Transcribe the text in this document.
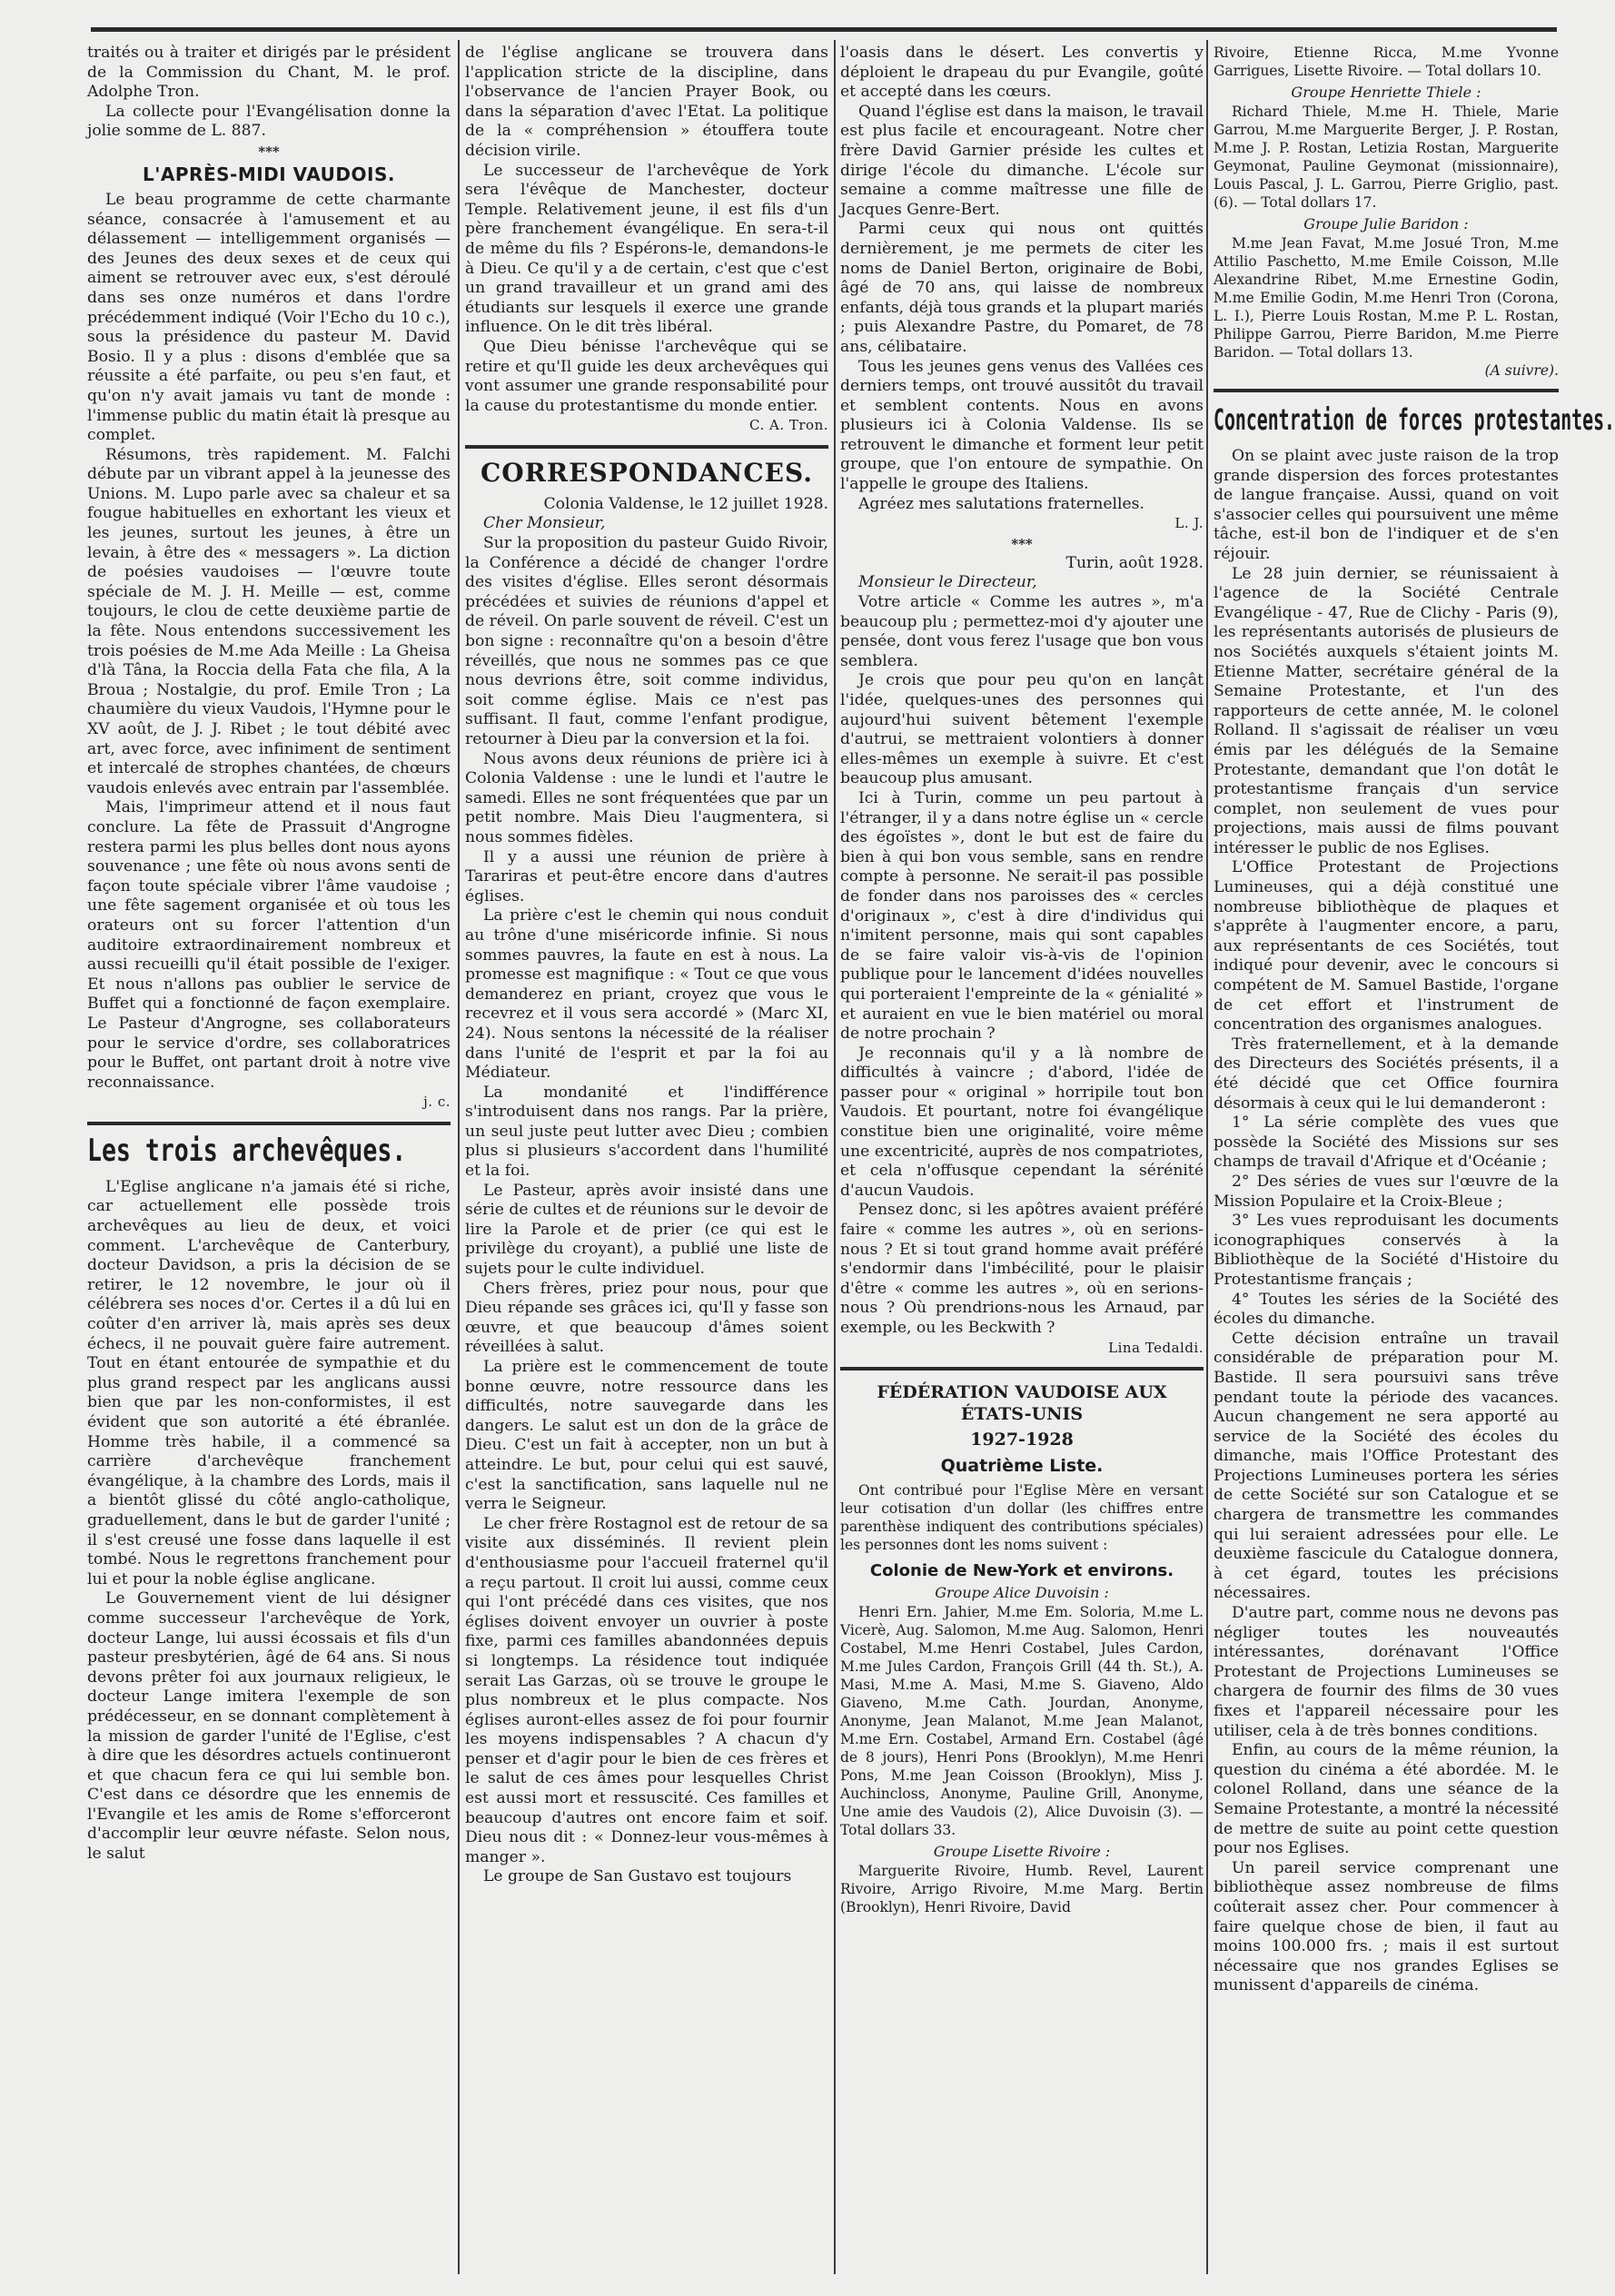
traités ou à traiter et dirigés par le président de la Commission du Chant, M. le prof. Adolphe Tron.

La collecte pour l'Evangélisation donne la jolie somme de L. 887.

***
L'APRÈS-MIDI VAUDOIS.

Le beau programme de cette charmante séance, consacrée à l'amusement et au délassement — intelligemment organisés — des Jeunes des deux sexes et de ceux qui aiment se retrouver avec eux, s'est déroulé dans ses onze numéros et dans l'ordre précédemment indiqué (Voir l'Echo du 10 c.), sous la présidence du pasteur M. David Bosio. Il y a plus : disons d'emblée que sa réussite a été parfaite, ou peu s'en faut, et qu'on n'y avait jamais vu tant de monde : l'immense public du matin était là presque au complet.

Résumons, très rapidement. M. Falchi débute par un vibrant appel à la jeunesse des Unions. M. Lupo parle avec sa chaleur et sa fougue habituelles en exhortant les vieux et les jeunes, surtout les jeunes, à être un levain, à être des « messagers ». La diction de poésies vaudoises — l'œuvre toute spéciale de M. J. H. Meille — est, comme toujours, le clou de cette deuxième partie de la fête. Nous entendons successivement les trois poésies de M.me Ada Meille : La Gheisa d'là Tâna, la Roccia della Fata che fila, A la Broua ; Nostalgie, du prof. Emile Tron ; La chaumière du vieux Vaudois, l'Hymne pour le XV août, de J. J. Ribet ; le tout débité avec art, avec force, avec infiniment de sentiment et intercalé de strophes chantées, de chœurs vaudois enlevés avec entrain par l'assemblée.

Mais, l'imprimeur attend et il nous faut conclure. La fête de Prassuit d'Angrogne restera parmi les plus belles dont nous ayons souvenance ; une fête où nous avons senti de façon toute spéciale vibrer l'âme vaudoise ; une fête sagement organisée et où tous les orateurs ont su forcer l'attention d'un auditoire extraordinairement nombreux et aussi recueilli qu'il était possible de l'exiger. Et nous n'allons pas oublier le service de Buffet qui a fonctionné de façon exemplaire. Le Pasteur d'Angrogne, ses collaborateurs pour le service d'ordre, ses collaboratrices pour le Buffet, ont partant droit à notre vive reconnaissance.

j. c.

Les trois archevêques.

L'Eglise anglicane n'a jamais été si riche, car actuellement elle possède trois archevêques au lieu de deux, et voici comment. L'archevêque de Canterbury, docteur Davidson, a pris la décision de se retirer, le 12 novembre, le jour où il célébrera ses noces d'or. Certes il a dû lui en coûter d'en arriver là, mais après ses deux échecs, il ne pouvait guère faire autrement. Tout en étant entourée de sympathie et du plus grand respect par les anglicans aussi bien que par les non-conformistes, il est évident que son autorité a été ébranlée. Homme très habile, il a commencé sa carrière d'archevêque franchement évangélique, à la chambre des Lords, mais il a bientôt glissé du côté anglo-catholique, graduellement, dans le but de garder l'unité ; il s'est creusé une fosse dans laquelle il est tombé. Nous le regrettons franchement pour lui et pour la noble église anglicane.

Le Gouvernement vient de lui désigner comme successeur l'archevêque de York, docteur Lange, lui aussi écossais et fils d'un pasteur presbytérien, âgé de 64 ans. Si nous devons prêter foi aux journaux religieux, le docteur Lange imitera l'exemple de son prédécesseur, en se donnant complètement à la mission de garder l'unité de l'Eglise, c'est à dire que les désordres actuels continueront et que chacun fera ce qui lui semble bon. C'est dans ce désordre que les ennemis de l'Evangile et les amis de Rome s'efforceront d'accomplir leur œuvre néfaste. Selon nous, le salut

de l'église anglicane se trouvera dans l'application stricte de la discipline, dans l'observance de l'ancien Prayer Book, ou dans la séparation d'avec l'Etat. La politique de la « compréhension » étouffera toute décision virile.

Le successeur de l'archevêque de York sera l'évêque de Manchester, docteur Temple. Relativement jeune, il est fils d'un père franchement évangélique. En sera-t-il de même du fils ? Espérons-le, demandons-le à Dieu. Ce qu'il y a de certain, c'est que c'est un grand travailleur et un grand ami des étudiants sur lesquels il exerce une grande influence. On le dit très libéral.

Que Dieu bénisse l'archevêque qui se retire et qu'Il guide les deux archevêques qui vont assumer une grande responsabilité pour la cause du protestantisme du monde entier.

C. A. Tron.

CORRESPONDANCES.

Colonia Valdense, le 12 juillet 1928.

Cher Monsieur,

Sur la proposition du pasteur Guido Rivoir, la Conférence a décidé de changer l'ordre des visites d'église. Elles seront désormais précédées et suivies de réunions d'appel et de réveil. On parle souvent de réveil. C'est un bon signe : reconnaître qu'on a besoin d'être réveillés, que nous ne sommes pas ce que nous devrions être, soit comme individus, soit comme église. Mais ce n'est pas suffisant. Il faut, comme l'enfant prodigue, retourner à Dieu par la conversion et la foi.

Nous avons deux réunions de prière ici à Colonia Valdense : une le lundi et l'autre le samedi. Elles ne sont fréquentées que par un petit nombre. Mais Dieu l'augmentera, si nous sommes fidèles.

Il y a aussi une réunion de prière à Tarariras et peut-être encore dans d'autres églises.

La prière c'est le chemin qui nous conduit au trône d'une miséricorde infinie. Si nous sommes pauvres, la faute en est à nous. La promesse est magnifique : « Tout ce que vous demanderez en priant, croyez que vous le recevrez et il vous sera accordé » (Marc XI, 24). Nous sentons la nécessité de la réaliser dans l'unité de l'esprit et par la foi au Médiateur.

La mondanité et l'indifférence s'introduisent dans nos rangs. Par la prière, un seul juste peut lutter avec Dieu ; combien plus si plusieurs s'accordent dans l'humilité et la foi.

Le Pasteur, après avoir insisté dans une série de cultes et de réunions sur le devoir de lire la Parole et de prier (ce qui est le privilège du croyant), a publié une liste de sujets pour le culte individuel.

Chers frères, priez pour nous, pour que Dieu répande ses grâces ici, qu'Il y fasse son œuvre, et que beaucoup d'âmes soient réveillées à salut.

La prière est le commencement de toute bonne œuvre, notre ressource dans les difficultés, notre sauvegarde dans les dangers. Le salut est un don de la grâce de Dieu. C'est un fait à accepter, non un but à atteindre. Le but, pour celui qui est sauvé, c'est la sanctification, sans laquelle nul ne verra le Seigneur.

Le cher frère Rostagnol est de retour de sa visite aux disséminés. Il revient plein d'enthousiasme pour l'accueil fraternel qu'il a reçu partout. Il croit lui aussi, comme ceux qui l'ont précédé dans ces visites, que nos églises doivent envoyer un ouvrier à poste fixe, parmi ces familles abandonnées depuis si longtemps. La résidence tout indiquée serait Las Garzas, où se trouve le groupe le plus nombreux et le plus compacte. Nos églises auront-elles assez de foi pour fournir les moyens indispensables ? A chacun d'y penser et d'agir pour le bien de ces frères et le salut de ces âmes pour lesquelles Christ est aussi mort et ressuscité. Ces familles et beaucoup d'autres ont encore faim et soif. Dieu nous dit : « Donnez-leur vous-mêmes à manger ».

Le groupe de San Gustavo est toujours

l'oasis dans le désert. Les convertis y déploient le drapeau du pur Evangile, goûté et accepté dans les cœurs.

Quand l'église est dans la maison, le travail est plus facile et encourageant. Notre cher frère David Garnier préside les cultes et dirige l'école du dimanche. L'école sur semaine a comme maîtresse une fille de Jacques Genre-Bert.

Parmi ceux qui nous ont quittés dernièrement, je me permets de citer les noms de Daniel Berton, originaire de Bobi, âgé de 70 ans, qui laisse de nombreux enfants, déjà tous grands et la plupart mariés ; puis Alexandre Pastre, du Pomaret, de 78 ans, célibataire.

Tous les jeunes gens venus des Vallées ces derniers temps, ont trouvé aussitôt du travail et semblent contents. Nous en avons plusieurs ici à Colonia Valdense. Ils se retrouvent le dimanche et forment leur petit groupe, que l'on entoure de sympathie. On l'appelle le groupe des Italiens.

Agréez mes salutations fraternelles.

L. J.

***

Turin, août 1928.

Monsieur le Directeur,

Votre article « Comme les autres », m'a beaucoup plu ; permettez-moi d'y ajouter une pensée, dont vous ferez l'usage que bon vous semblera.

Je crois que pour peu qu'on en lançât l'idée, quelques-unes des personnes qui aujourd'hui suivent bêtement l'exemple d'autrui, se mettraient volontiers à donner elles-mêmes un exemple à suivre. Et c'est beaucoup plus amusant.

Ici à Turin, comme un peu partout à l'étranger, il y a dans notre église un « cercle des égoïstes », dont le but est de faire du bien à qui bon vous semble, sans en rendre compte à personne. Ne serait-il pas possible de fonder dans nos paroisses des « cercles d'originaux », c'est à dire d'individus qui n'imitent personne, mais qui sont capables de se faire valoir vis-à-vis de l'opinion publique pour le lancement d'idées nouvelles qui porteraient l'empreinte de la « génialité » et auraient en vue le bien matériel ou moral de notre prochain ?

Je reconnais qu'il y a là nombre de difficultés à vaincre ; d'abord, l'idée de passer pour « original » horripile tout bon Vaudois. Et pourtant, notre foi évangélique constitue bien une originalité, voire même une excentricité, auprès de nos compatriotes, et cela n'offusque cependant la sérénité d'aucun Vaudois.

Pensez donc, si les apôtres avaient préféré faire « comme les autres », où en serions-nous ? Et si tout grand homme avait préféré s'endormir dans l'imbécilité, pour le plaisir d'être « comme les autres », où en serions-nous ? Où prendrions-nous les Arnaud, par exemple, ou les Beckwith ?

Lina Tedaldi.

FÉDÉRATION VAUDOISE AUX ÉTATS-UNIS
1927-1928
Quatrième Liste.

Ont contribué pour l'Eglise Mère en versant leur cotisation d'un dollar (les chiffres entre parenthèse indiquent des contributions spéciales) les personnes dont les noms suivent :

Colonie de New-York et environs.
Groupe Alice Duvoisin :

Henri Ern. Jahier, M.me Em. Soloria, M.me L. Vicerè, Aug. Salomon, M.me Aug. Salomon, Henri Costabel, M.me Henri Costabel, Jules Cardon, M.me Jules Cardon, François Grill (44 th. St.), A. Masi, M.me A. Masi, M.me S. Giaveno, Aldo Giaveno, M.me Cath. Jourdan, Anonyme, Anonyme, Jean Malanot, M.me Jean Malanot, M.me Ern. Costabel, Armand Ern. Costabel (âgé de 8 jours), Henri Pons (Brooklyn), M.me Henri Pons, M.me Jean Coisson (Brooklyn), Miss J. Auchincloss, Anonyme, Pauline Grill, Anonyme, Une amie des Vaudois (2), Alice Duvoisin (3). — Total dollars 33.

Groupe Lisette Rivoire :

Marguerite Rivoire, Humb. Revel, Laurent Rivoire, Arrigo Rivoire, M.me Marg. Bertin (Brooklyn), Henri Rivoire, David

Rivoire, Etienne Ricca, M.me Yvonne Garrigues, Lisette Rivoire. — Total dollars 10.

Groupe Henriette Thiele :

Richard Thiele, M.me H. Thiele, Marie Garrou, M.me Marguerite Berger, J. P. Rostan, M.me J. P. Rostan, Letizia Rostan, Marguerite Geymonat, Pauline Geymonat (missionnaire), Louis Pascal, J. L. Garrou, Pierre Griglio, past. (6). — Total dollars 17.

Groupe Julie Baridon :

M.me Jean Favat, M.me Josué Tron, M.me Attilio Paschetto, M.me Emile Coisson, M.lle Alexandrine Ribet, M.me Ernestine Godin, M.me Emilie Godin, M.me Henri Tron (Corona, L. I.), Pierre Louis Rostan, M.me P. L. Rostan, Philippe Garrou, Pierre Baridon, M.me Pierre Baridon. — Total dollars 13.

(A suivre).

Concentration de forces protestantes.

On se plaint avec juste raison de la trop grande dispersion des forces protestantes de langue française. Aussi, quand on voit s'associer celles qui poursuivent une même tâche, est-il bon de l'indiquer et de s'en réjouir.

Le 28 juin dernier, se réunissaient à l'agence de la Société Centrale Evangélique - 47, Rue de Clichy - Paris (9), les représentants autorisés de plusieurs de nos Sociétés auxquels s'étaient joints M. Etienne Matter, secrétaire général de la Semaine Protestante, et l'un des rapporteurs de cette année, M. le colonel Rolland. Il s'agissait de réaliser un vœu émis par les délégués de la Semaine Protestante, demandant que l'on dotât le protestantisme français d'un service complet, non seulement de vues pour projections, mais aussi de films pouvant intéresser le public de nos Eglises.

L'Office Protestant de Projections Lumineuses, qui a déjà constitué une nombreuse bibliothèque de plaques et s'apprête à l'augmenter encore, a paru, aux représentants de ces Sociétés, tout indiqué pour devenir, avec le concours si compétent de M. Samuel Bastide, l'organe de cet effort et l'instrument de concentration des organismes analogues.

Très fraternellement, et à la demande des Directeurs des Sociétés présents, il a été décidé que cet Office fournira désormais à ceux qui le lui demanderont :

1° La série complète des vues que possède la Société des Missions sur ses champs de travail d'Afrique et d'Océanie ;

2° Des séries de vues sur l'œuvre de la Mission Populaire et la Croix-Bleue ;

3° Les vues reproduisant les documents iconographiques conservés à la Bibliothèque de la Société d'Histoire du Protestantisme français ;

4° Toutes les séries de la Société des écoles du dimanche.

Cette décision entraîne un travail considérable de préparation pour M. Bastide. Il sera poursuivi sans trêve pendant toute la période des vacances. Aucun changement ne sera apporté au service de la Société des écoles du dimanche, mais l'Office Protestant des Projections Lumineuses portera les séries de cette Société sur son Catalogue et se chargera de transmettre les commandes qui lui seraient adressées pour elle. Le deuxième fascicule du Catalogue donnera, à cet égard, toutes les précisions nécessaires.

D'autre part, comme nous ne devons pas négliger toutes les nouveautés intéressantes, dorénavant l'Office Protestant de Projections Lumineuses se chargera de fournir des films de 30 vues fixes et l'appareil nécessaire pour les utiliser, cela à de très bonnes conditions.

Enfin, au cours de la même réunion, la question du cinéma a été abordée. M. le colonel Rolland, dans une séance de la Semaine Protestante, a montré la nécessité de mettre de suite au point cette question pour nos Eglises.

Un pareil service comprenant une bibliothèque assez nombreuse de films coûterait assez cher. Pour commencer à faire quelque chose de bien, il faut au moins 100.000 frs. ; mais il est surtout nécessaire que nos grandes Eglises se munissent d'appareils de cinéma.
